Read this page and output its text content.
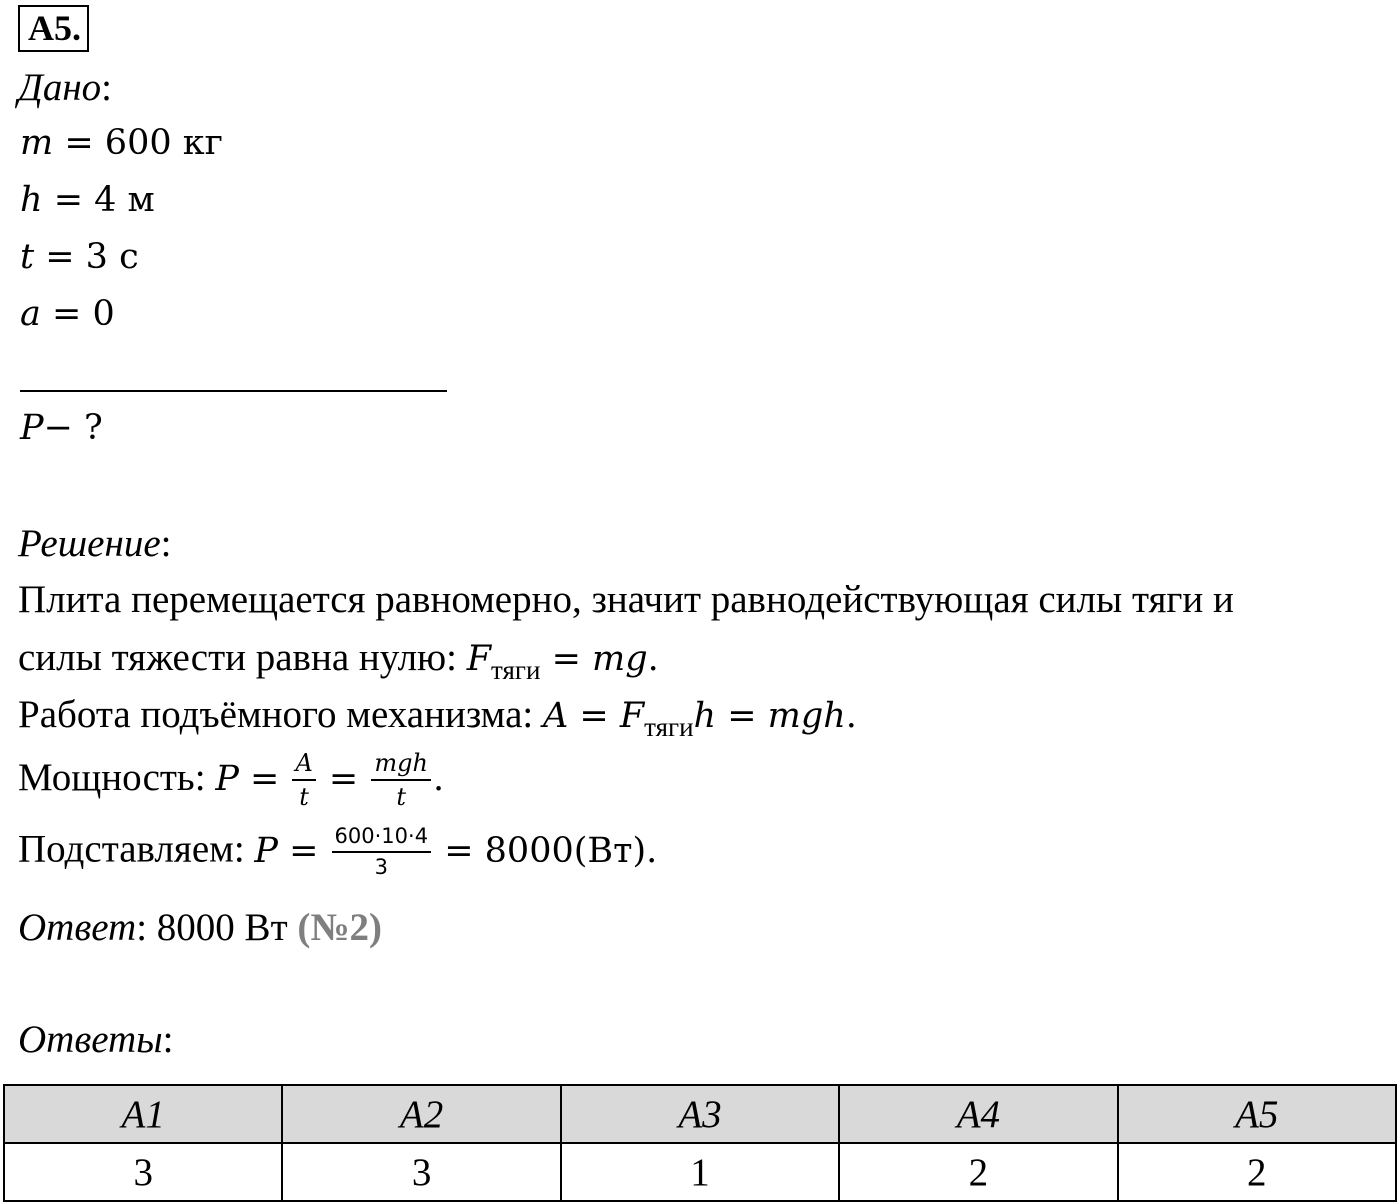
А5.
Дано:
m = 600 кг
h = 4 м
t = 3 с
a = 0
P− ?
Решение:
Плита перемещается равномерно, значит равнодействующая силы тяги и
силы тяжести равна нулю: $F_{тяги}$ = mg.
Работа подъёмного механизма: $A = F_{тяги}h$ = mgh.
Мощность: $P = \frac{A}{t} = \frac{\text{mgh}}{t}$ .
Подставляем: $P = \frac{600\cdot 10\cdot 4}{3} = 8000(Вт)$.
Ответ: 8000 Вт (№2)
Ответы:
A1	A2	A3	A4	A5
3	3	1	2	2
